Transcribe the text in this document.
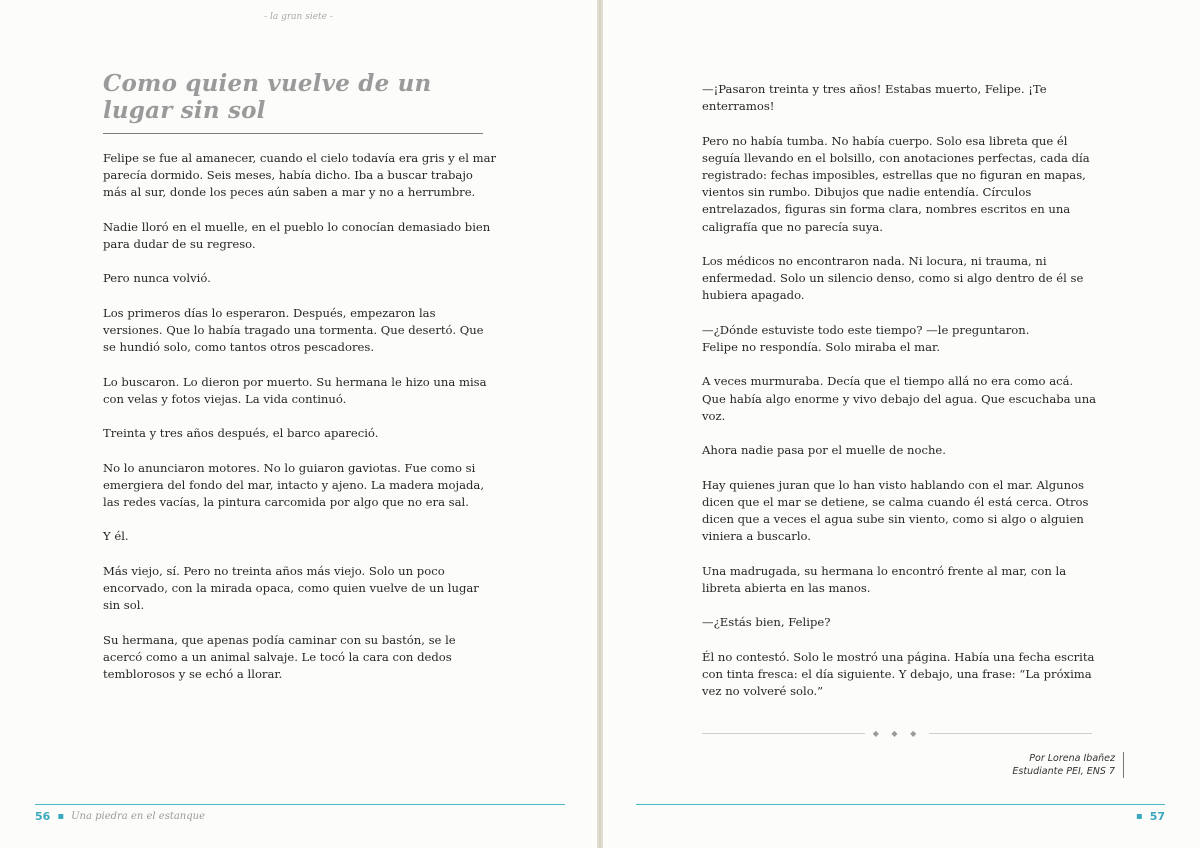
- la gran sietе -
Como quien vuelve de un
lugar sin sol

Felipe se fue al amanecer, cuando el cielo todavía era gris y el mar parecía dormido. Seis meses, había dicho. Iba a buscar trabajo más al sur, donde los peces aún saben a mar y no a herrumbre.

Nadie lloró en el muelle, en el pueblo lo conocían demasiado bien para dudar de su regreso.

Pero nunca volvió.

Los primeros días lo esperaron. Después, empezaron las versiones. Que lo había tragado una tormenta. Que desertó. Que se hundió solo, como tantos otros pescadores.

Lo buscaron. Lo dieron por muerto. Su hermana le hizo una misa con velas y fotos viejas. La vida continuó.

Treinta y tres años después, el barco apareció.

No lo anunciaron motores. No lo guiaron gaviotas. Fue como si emergiera del fondo del mar, intacto y ajeno. La madera mojada, las redes vacías, la pintura carcomida por algo que no era sal.

Y él.

Más viejo, sí. Pero no treinta años más viejo. Solo un poco encorvado, con la mirada opaca, como quien vuelve de un lugar sin sol.

Su hermana, que apenas podía caminar con su bastón, se le acercó como a un animal salvaje. Le tocó la cara con dedos temblorosos y se echó a llorar.

56 ▪ Una piedra en el estanque

—¡Pasaron treinta y tres años! Estabas muerto, Felipe. ¡Te enterramos!

Pero no había tumba. No había cuerpo. Solo esa libreta que él seguía llevando en el bolsillo, con anotaciones perfectas, cada día registrado: fechas imposibles, estrellas que no figuran en mapas, vientos sin rumbo. Dibujos que nadie entendía. Círculos entrelazados, figuras sin forma clara, nombres escritos en una caligrafía que no parecía suya.

Los médicos no encontraron nada. Ni locura, ni trauma, ni enfermedad. Solo un silencio denso, como si algo dentro de él se hubiera apagado.

—¿Dónde estuviste todo este tiempo? —le preguntaron.
Felipe no respondía. Solo miraba el mar.

A veces murmuraba. Decía que el tiempo allá no era como acá. Que había algo enorme y vivo debajo del agua. Que escuchaba una voz.

Ahora nadie pasa por el muelle de noche.

Hay quienes juran que lo han visto hablando con el mar. Algunos dicen que el mar se detiene, se calma cuando él está cerca. Otros dicen que a veces el agua sube sin viento, como si algo o alguien viniera a buscarlo.

Una madrugada, su hermana lo encontró frente al mar, con la libreta abierta en las manos.

—¿Estás bien, Felipe?

Él no contestó. Solo le mostró una página. Había una fecha escrita con tinta fresca: el día siguiente. Y debajo, una frase: “La próxima vez no volveré solo.”

◆ ◆ ◆
Por Lorena Ibañez
Estudiante PEI, ENS 7
▪ 57
